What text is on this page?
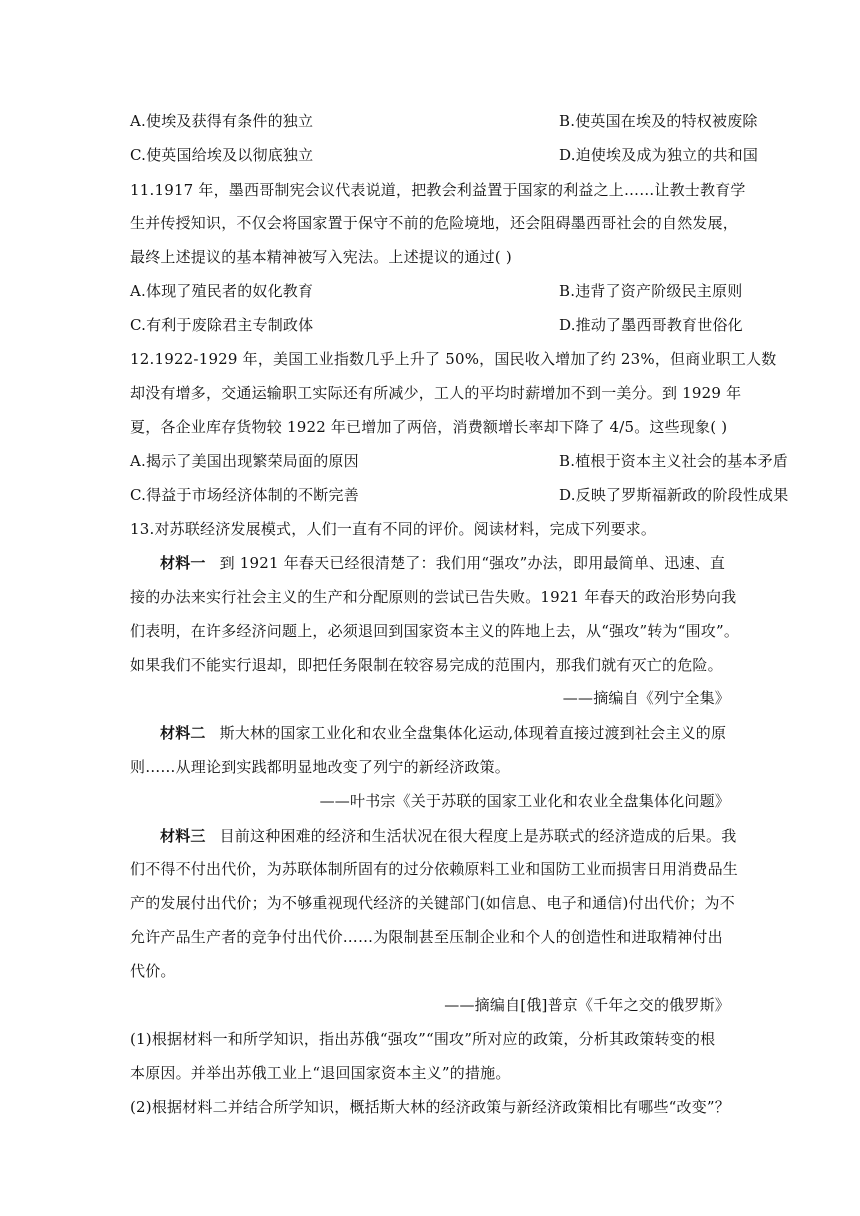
A.使埃及获得有条件的独立	B.使英国在埃及的特权被废除
C.使英国给埃及以彻底独立	D.迫使埃及成为独立的共和国
11.1917 年，墨西哥制宪会议代表说道，把教会利益置于国家的利益之上……让教士教育学
生并传授知识，不仅会将国家置于保守不前的危险境地，还会阻碍墨西哥社会的自然发展，
最终上述提议的基本精神被写入宪法。上述提议的通过( )
A.体现了殖民者的奴化教育	B.违背了资产阶级民主原则
C.有利于废除君主专制政体	D.推动了墨西哥教育世俗化
12.1922-1929 年，美国工业指数几乎上升了 50%，国民收入增加了约 23%，但商业职工人数
却没有增多，交通运输职工实际还有所减少，工人的平均时薪增加不到一美分。到 1929 年
夏，各企业库存货物较 1922 年已增加了两倍，消费额增长率却下降了 4/5。这些现象( )
A.揭示了美国出现繁荣局面的原因	B.植根于资本主义社会的基本矛盾
C.得益于市场经济体制的不断完善	D.反映了罗斯福新政的阶段性成果
13.对苏联经济发展模式，人们一直有不同的评价。阅读材料，完成下列要求。
材料一 到 1921 年春天已经很清楚了：我们用“强攻”办法，即用最简单、迅速、直
接的办法来实行社会主义的生产和分配原则的尝试已告失败。1921 年春天的政治形势向我
们表明，在许多经济问题上，必须退回到国家资本主义的阵地上去，从“强攻”转为“围攻”。
如果我们不能实行退却，即把任务限制在较容易完成的范围内，那我们就有灭亡的危险。
——摘编自《列宁全集》
材料二 斯大林的国家工业化和农业全盘集体化运动,体现着直接过渡到社会主义的原
则……从理论到实践都明显地改变了列宁的新经济政策。
——叶书宗《关于苏联的国家工业化和农业全盘集体化问题》
材料三 目前这种困难的经济和生活状况在很大程度上是苏联式的经济造成的后果。我
们不得不付出代价，为苏联体制所固有的过分依赖原料工业和国防工业而损害日用消费品生
产的发展付出代价；为不够重视现代经济的关键部门(如信息、电子和通信)付出代价；为不
允许产品生产者的竞争付出代价……为限制甚至压制企业和个人的创造性和进取精神付出
代价。
——摘编自[俄]普京《千年之交的俄罗斯》
(1)根据材料一和所学知识，指出苏俄“强攻”“围攻”所对应的政策，分析其政策转变的根
本原因。并举出苏俄工业上“退回国家资本主义”的措施。
(2)根据材料二并结合所学知识，概括斯大林的经济政策与新经济政策相比有哪些“改变”？
